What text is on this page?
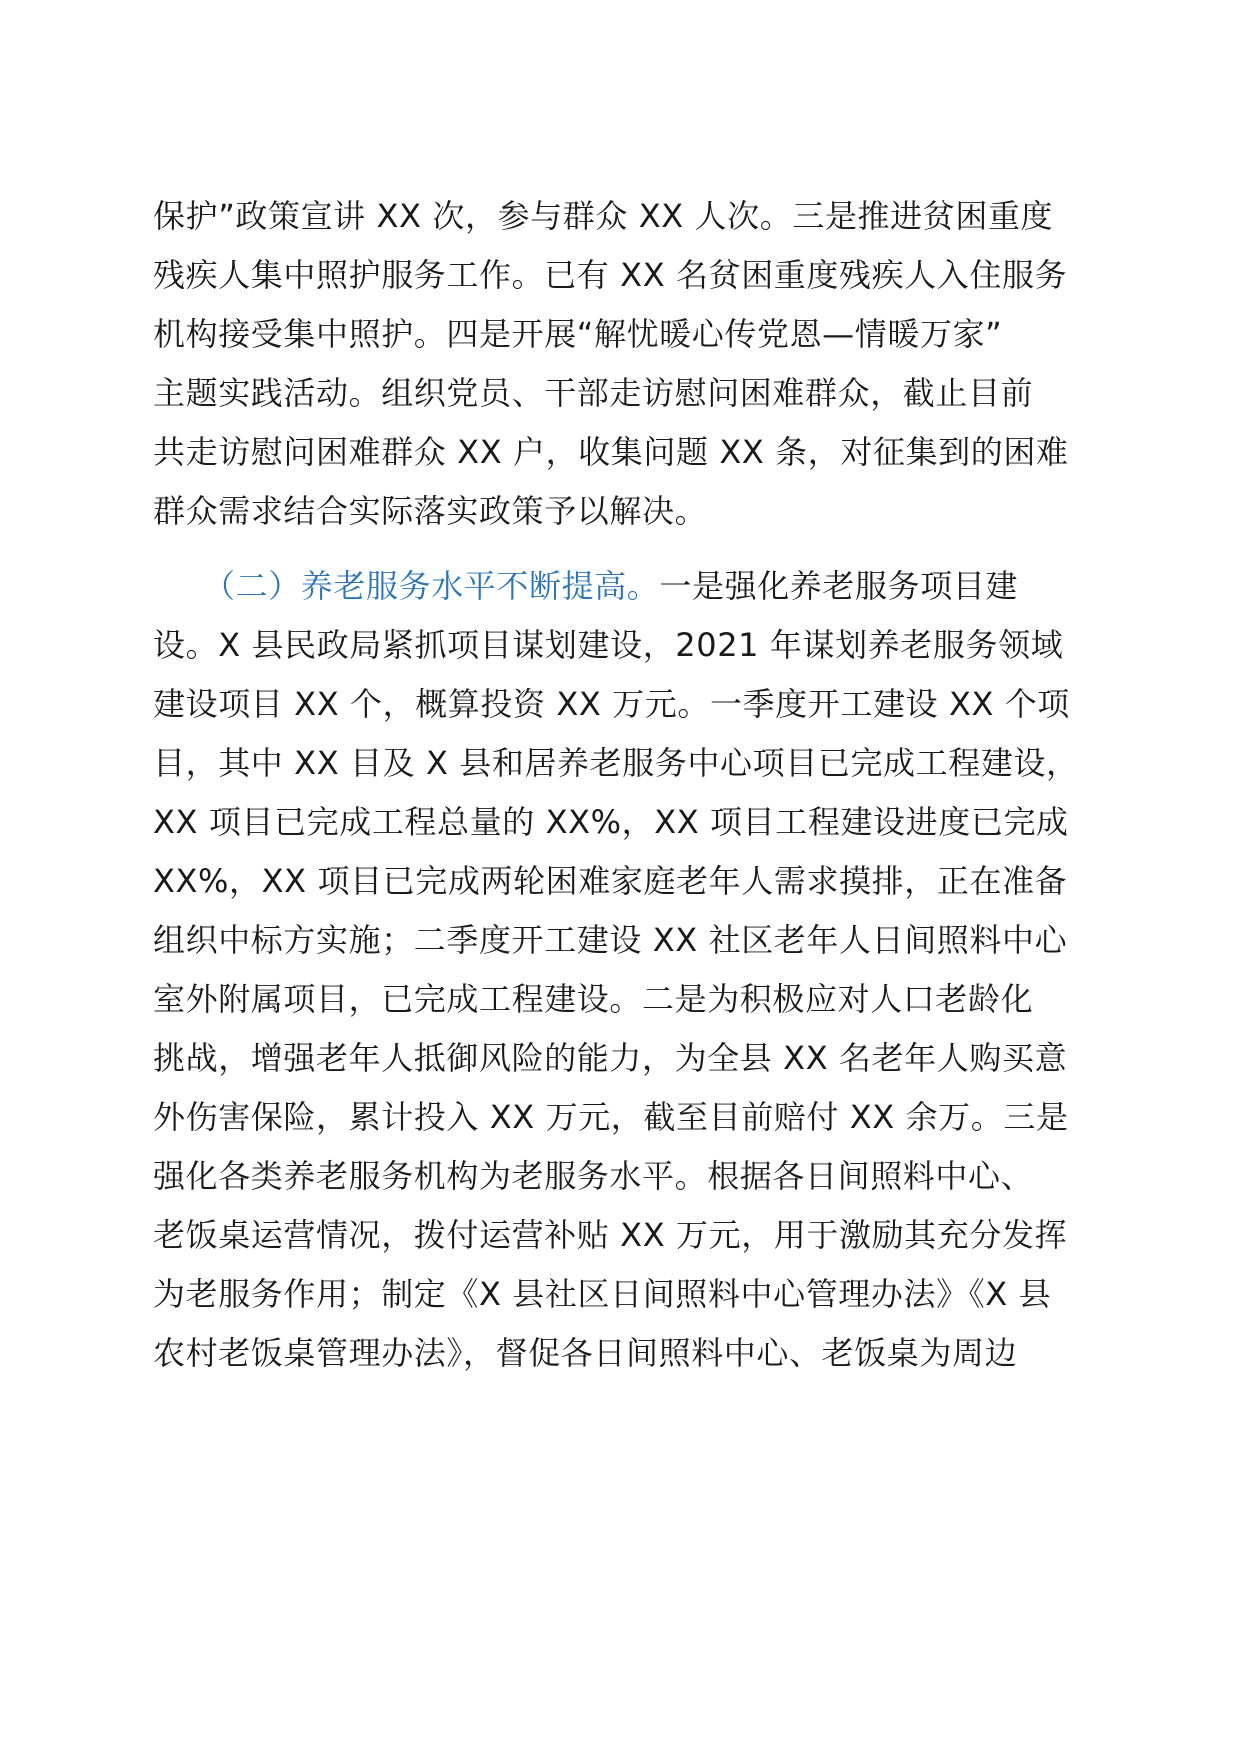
保护”政策宣讲 XX 次，参与群众 XX 人次。三是推进贫困重度
残疾人集中照护服务工作。已有 XX 名贫困重度残疾人入住服务
机构接受集中照护。四是开展“解忧暖心传党恩—情暖万家”
主题实践活动。组织党员、干部走访慰问困难群众，截止目前
共走访慰问困难群众 XX 户，收集问题 XX 条，对征集到的困难
群众需求结合实际落实政策予以解决。
（二）养老服务水平不断提高。一是强化养老服务项目建
设。X 县民政局紧抓项目谋划建设，2021 年谋划养老服务领域
建设项目 XX 个，概算投资 XX 万元。一季度开工建设 XX 个项
目，其中 XX 目及 X 县和居养老服务中心项目已完成工程建设，
XX 项目已完成工程总量的 XX%，XX 项目工程建设进度已完成
XX%，XX 项目已完成两轮困难家庭老年人需求摸排，正在准备
组织中标方实施；二季度开工建设 XX 社区老年人日间照料中心
室外附属项目，已完成工程建设。二是为积极应对人口老龄化
挑战，增强老年人抵御风险的能力，为全县 XX 名老年人购买意
外伤害保险，累计投入 XX 万元，截至目前赔付 XX 余万。三是
强化各类养老服务机构为老服务水平。根据各日间照料中心、
老饭桌运营情况，拨付运营补贴 XX 万元，用于激励其充分发挥
为老服务作用；制定《X 县社区日间照料中心管理办法》《X 县
农村老饭桌管理办法》，督促各日间照料中心、老饭桌为周边
